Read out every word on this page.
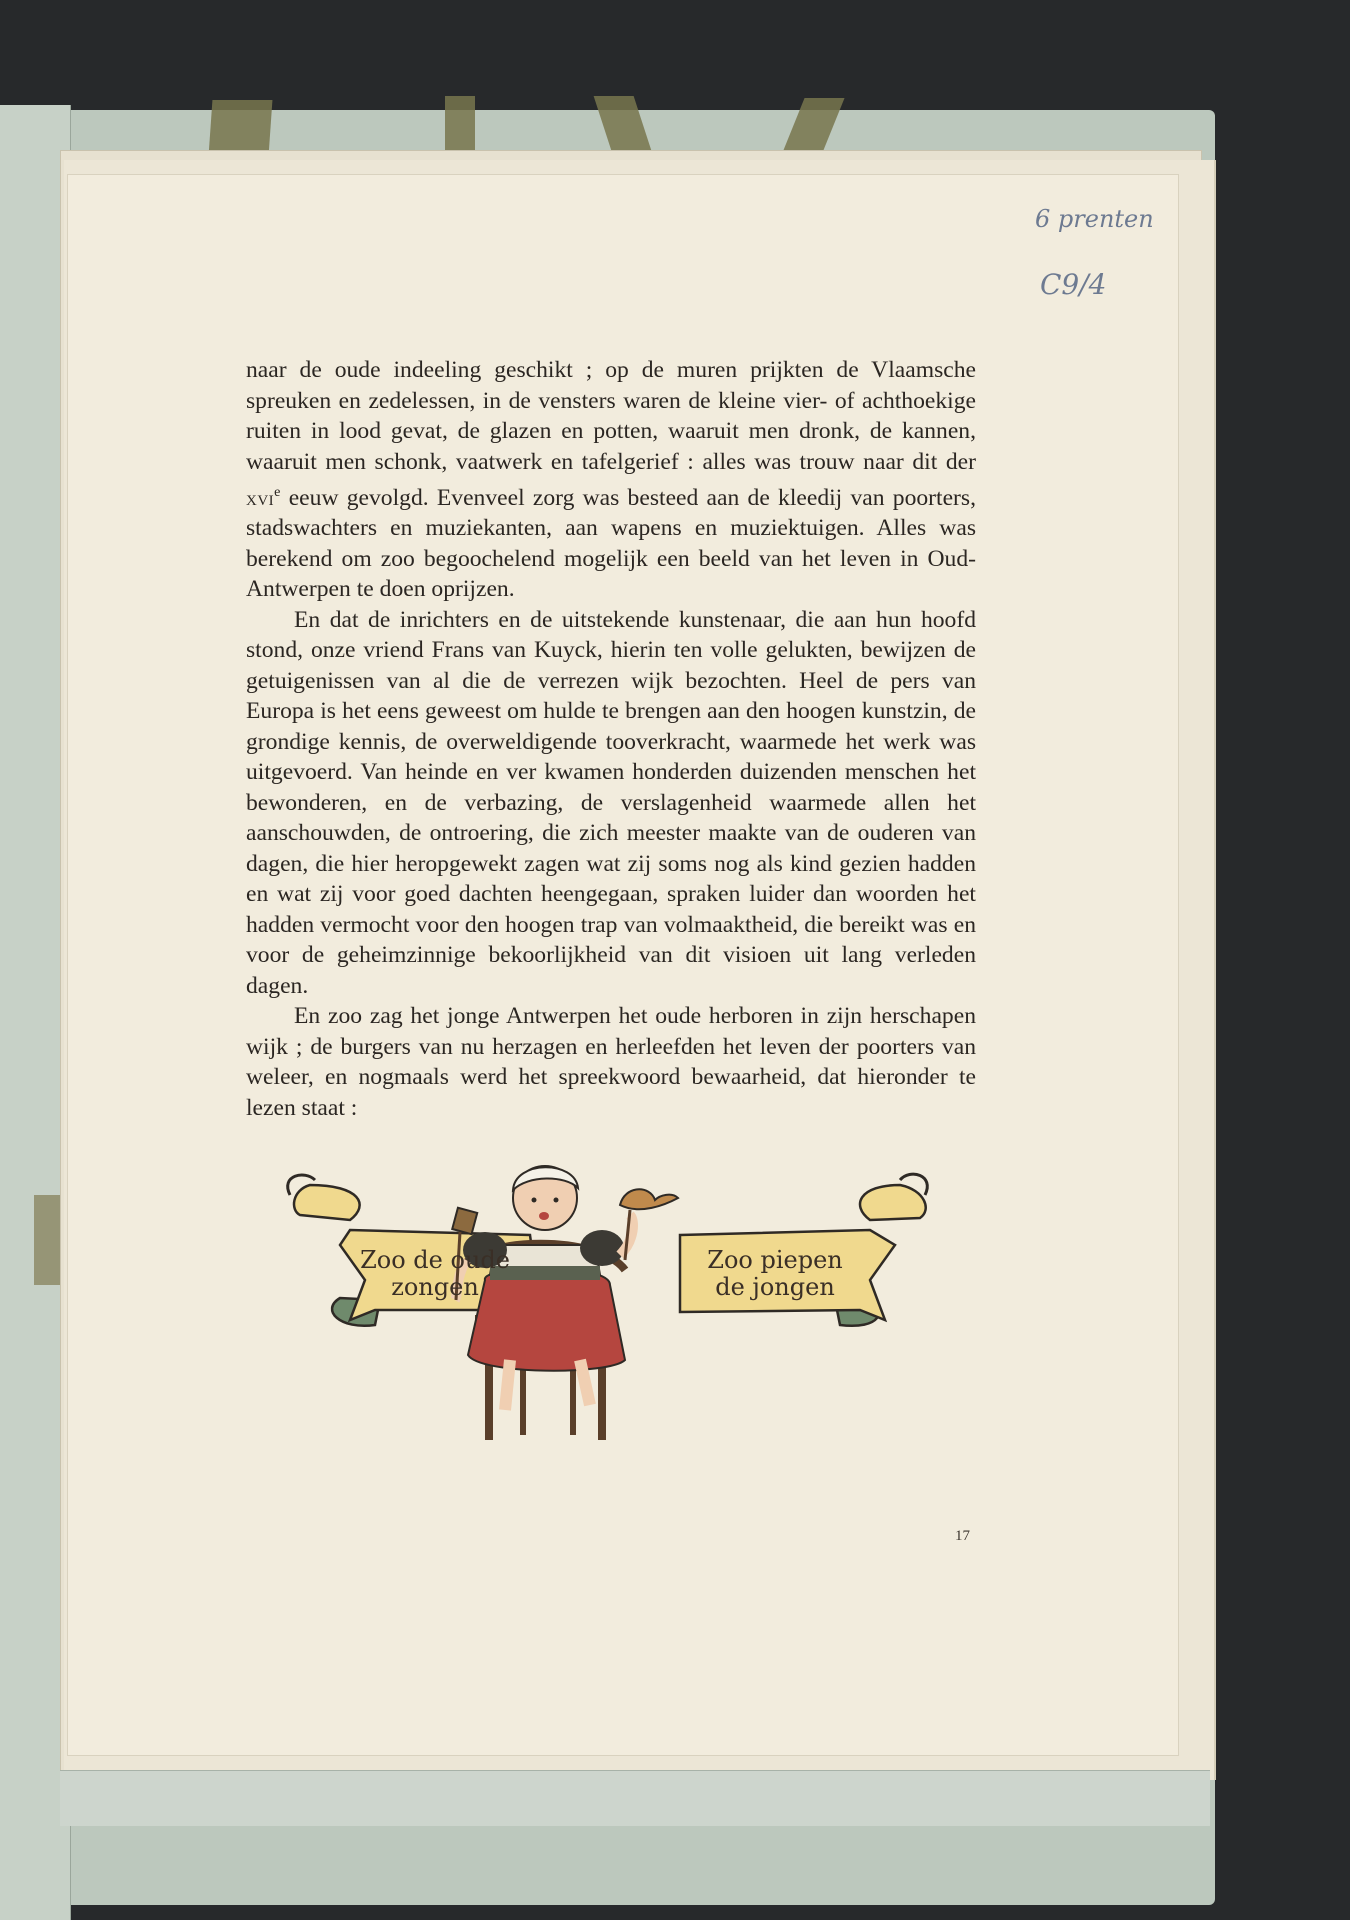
6 prenten
C9/4

naar de oude indeeling geschikt ; op de muren prijkten de Vlaamsche spreuken en zedelessen, in de vensters waren de kleine vier- of achthoekige ruiten in lood gevat, de glazen en potten, waaruit men dronk, de kannen, waaruit men schonk, vaatwerk en tafelgerief : alles was trouw naar dit der xvi$^e$ eeuw gevolgd. Evenveel zorg was besteed aan de kleedij van poorters, stadswachters en muziekanten, aan wapens en muziektuigen. Alles was berekend om zoo begoochelend mogelijk een beeld van het leven in Oud-Antwerpen te doen oprijzen.

En dat de inrichters en de uitstekende kunstenaar, die aan hun hoofd stond, onze vriend Frans van Kuyck, hierin ten volle gelukten, bewijzen de getuigenissen van al die de verrezen wijk bezochten. Heel de pers van Europa is het eens geweest om hulde te brengen aan den hoogen kunstzin, de grondige kennis, de overweldigende tooverkracht, waarmede het werk was uitgevoerd. Van heinde en ver kwamen honderden duizenden menschen het bewonderen, en de verbazing, de verslagenheid waarmede allen het aanschouwden, de ontroering, die zich meester maakte van de ouderen van dagen, die hier heropgewekt zagen wat zij soms nog als kind gezien hadden en wat zij voor goed dachten heengegaan, spraken luider dan woorden het hadden vermocht voor den hoogen trap van volmaaktheid, die bereikt was en voor de geheimzinnige bekoorlijkheid van dit visioen uit lang verleden dagen.

En zoo zag het jonge Antwerpen het oude herboren in zijn herschapen wijk ; de burgers van nu herzagen en herleefden het leven der poorters van weleer, en nogmaals werd het spreekwoord bewaarheid, dat hieronder te lezen staat :

Zoo de oude
zongen
Zoo piepen
de jongen
17
